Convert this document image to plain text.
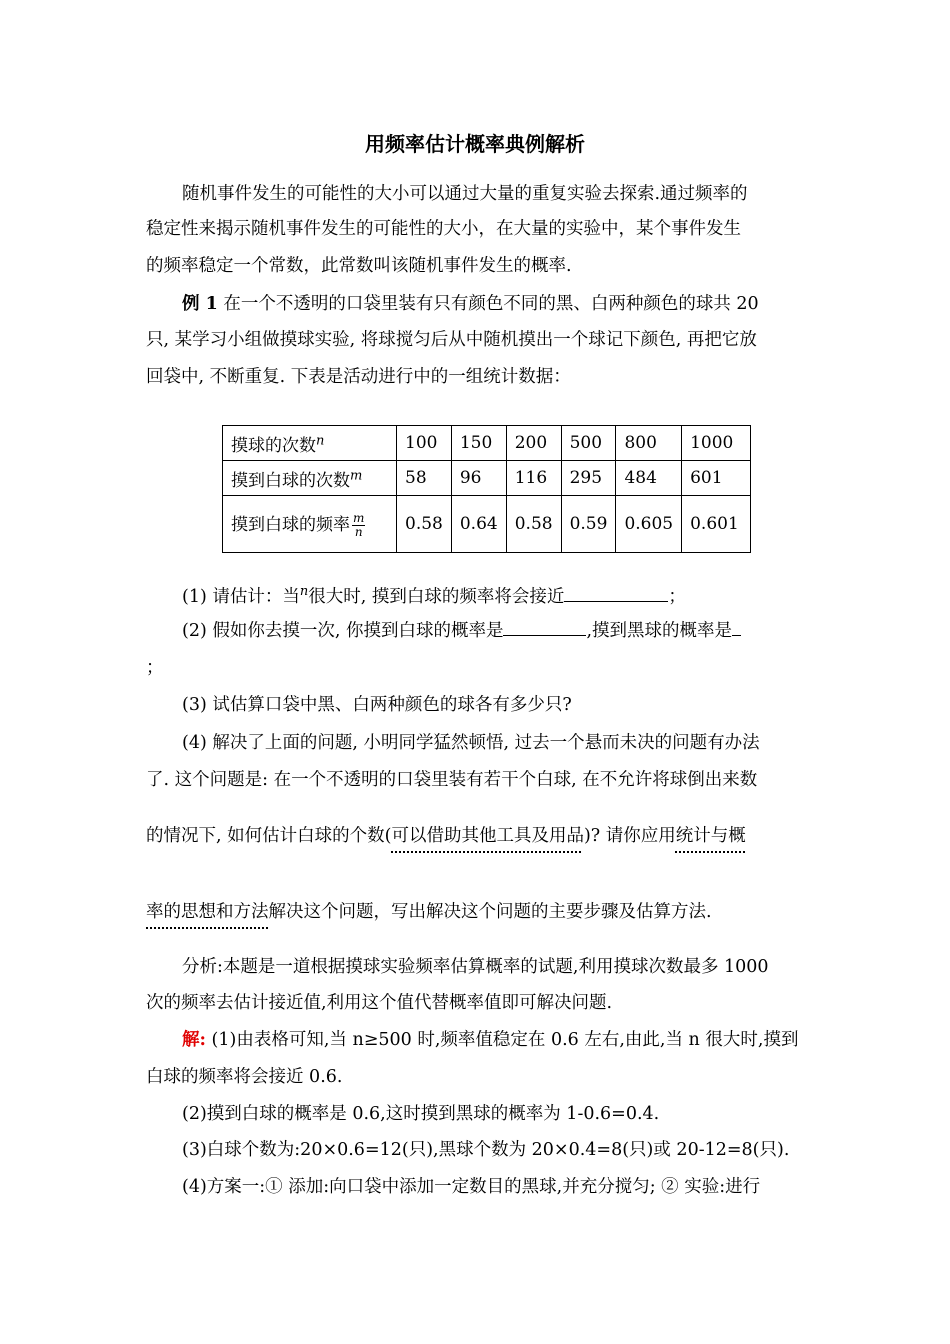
用频率估计概率典例解析
随机事件发生的可能性的大小可以通过大量的重复实验去探索.通过频率的
稳定性来揭示随机事件发生的可能性的大小，在大量的实验中，某个事件发生
的频率稳定一个常数，此常数叫该随机事件发生的概率.
例 1 在一个不透明的口袋里装有只有颜色不同的黑、白两种颜色的球共 20
只, 某学习小组做摸球实验, 将球搅匀后从中随机摸出一个球记下颜色, 再把它放
回袋中, 不断重复. 下表是活动进行中的一组统计数据：
摸球的次数$^n$	100	150	200	500	800	1000
摸到白球的次数$^m$	58	96	116	295	484	601
摸到白球的频率 $\frac{m}{n}$	0.58	0.64	0.58	0.59	0.605	0.601
(1) 请估计：当$^n$很大时, 摸到白球的频率将会接近	；
(2) 假如你去摸一次, 你摸到白球的概率是	,摸到黑球的概率是
；
(3) 试估算口袋中黑、白两种颜色的球各有多少只?
(4) 解决了上面的问题, 小明同学猛然顿悟, 过去一个悬而未决的问题有办法
了. 这个问题是: 在一个不透明的口袋里装有若干个白球, 在不允许将球倒出来数
的情况下, 如何估计白球的个数(可以借助其他工具及用品)? 请你应用统计与概
率的思想和方法解决这个问题，写出解决这个问题的主要步骤及估算方法.
分析:本题是一道根据摸球实验频率估算概率的试题,利用摸球次数最多 1000
次的频率去估计接近值,利用这个值代替概率值即可解决问题.
解: (1)由表格可知,当 n≥500 时,频率值稳定在 0.6 左右,由此,当 n 很大时,摸到
白球的频率将会接近 0.6.
(2)摸到白球的概率是 0.6,这时摸到黑球的概率为 1-0.6=0.4.
(3)白球个数为:20×0.6=12(只),黑球个数为 20×0.4=8(只)或 20-12=8(只).
(4)方案一:① 添加:向口袋中添加一定数目的黑球,并充分搅匀; ② 实验:进行
